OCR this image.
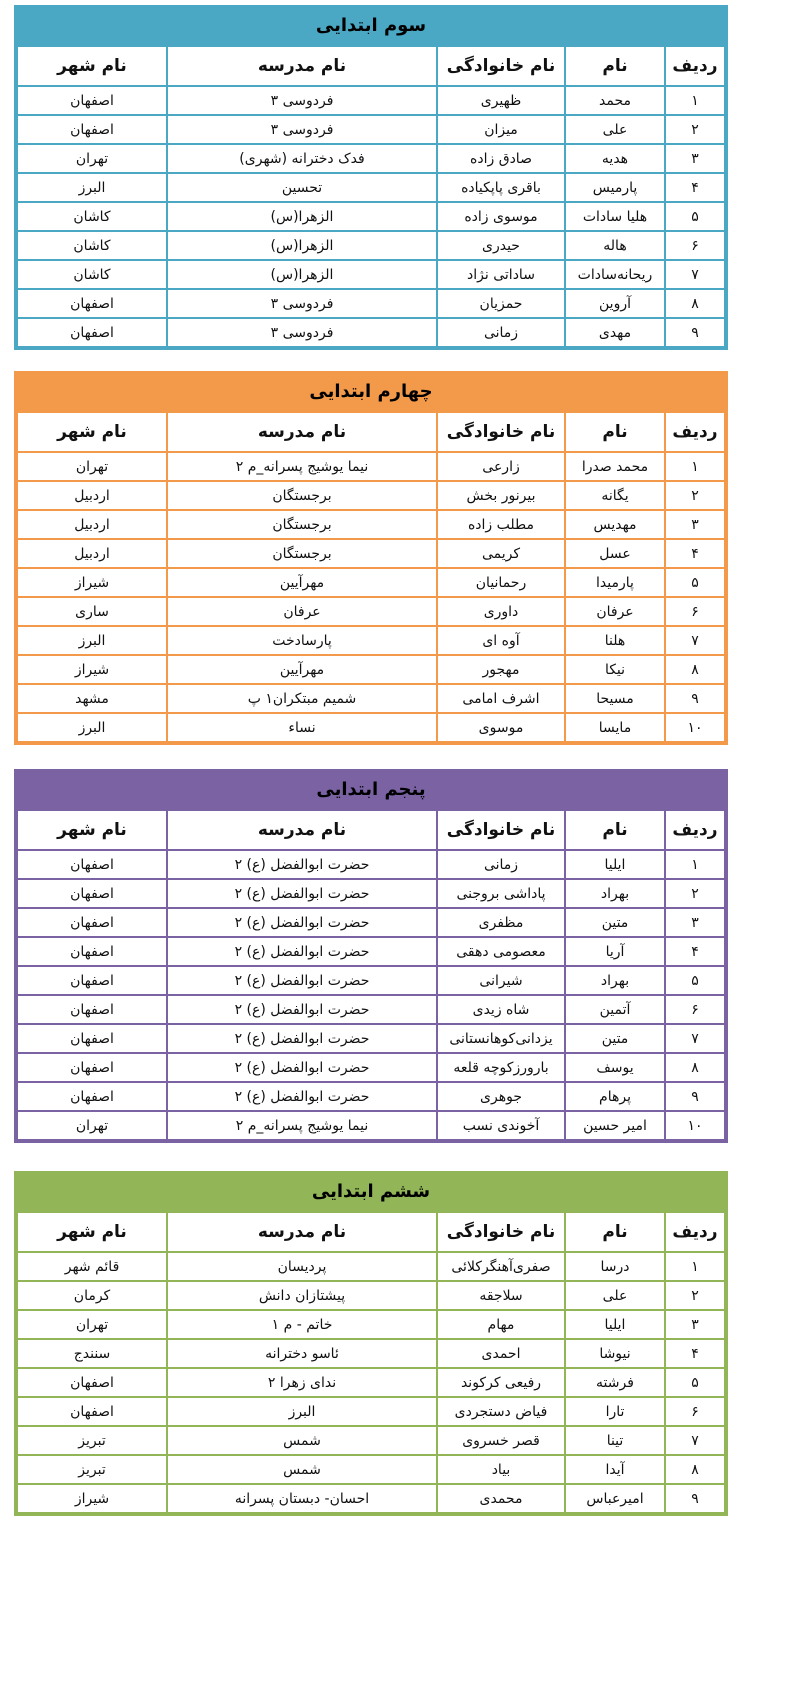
سوم ابتدایی
ردیف	نام	نام خانوادگی	نام مدرسه	نام شهر
۱	محمد	ظهیری	فردوسی ۳	اصفهان
۲	علی	میزان	فردوسی ۳	اصفهان
۳	هدیه	صادق زاده	فدک دخترانه (شهری)	تهران
۴	پارمیس	باقری پاپکیاده	تحسین	البرز
۵	هلیا سادات	موسوی زاده	الزهرا(س)	کاشان
۶	هاله	حیدری	الزهرا(س)	کاشان
۷	ریحانه‌سادات	ساداتی نژاد	الزهرا(س)	کاشان
۸	آروین	حمزیان	فردوسی ۳	اصفهان
۹	مهدی	زمانی	فردوسی ۳	اصفهان
چهارم ابتدایی
ردیف	نام	نام خانوادگی	نام مدرسه	نام شهر
۱	محمد صدرا	زارعی	نیما یوشیج پسرانه_م ۲	تهران
۲	یگانه	بیرنور بخش	برجستگان	اردبیل
۳	مهدیس	مطلب زاده	برجستگان	اردبیل
۴	عسل	کریمی	برجستگان	اردبیل
۵	پارمیدا	رحمانیان	مهرآیین	شیراز
۶	عرفان	داوری	عرفان	ساری
۷	هلنا	آوه ای	پارسادخت	البرز
۸	نیکا	مهجور	مهرآیین	شیراز
۹	مسیحا	اشرف امامی	شمیم مبتکران۱ پ	مشهد
۱۰	مایسا	موسوی	نساء	البرز
پنجم ابتدایی
ردیف	نام	نام خانوادگی	نام مدرسه	نام شهر
۱	ایلیا	زمانی	حضرت ابوالفضل (ع) ۲	اصفهان
۲	بهراد	پاداشی بروجنی	حضرت ابوالفضل (ع) ۲	اصفهان
۳	متین	مظفری	حضرت ابوالفضل (ع) ۲	اصفهان
۴	آریا	معصومی دهقی	حضرت ابوالفضل (ع) ۲	اصفهان
۵	بهراد	شیرانی	حضرت ابوالفضل (ع) ۲	اصفهان
۶	آتمین	شاه زیدی	حضرت ابوالفضل (ع) ۲	اصفهان
۷	متین	یزدانی‌کوهانستانی	حضرت ابوالفضل (ع) ۲	اصفهان
۸	یوسف	بارورزکوچه قلعه	حضرت ابوالفضل (ع) ۲	اصفهان
۹	پرهام	جوهری	حضرت ابوالفضل (ع) ۲	اصفهان
۱۰	امیر حسین	آخوندی نسب	نیما یوشیج پسرانه_م ۲	تهران
ششم ابتدایی
ردیف	نام	نام خانوادگی	نام مدرسه	نام شهر
۱	درسا	صفری‌آهنگرکلائی	پردیسان	قائم شهر
۲	علی	سلاجقه	پیشتازان دانش	کرمان
۳	ایلیا	مهام	خاتم - م ۱	تهران
۴	نیوشا	احمدی	ئاسو دخترانه	سنندج
۵	فرشته	رفیعی کرکوند	ندای زهرا ۲	اصفهان
۶	تارا	فیاض دستجردی	البرز	اصفهان
۷	تینا	قصر خسروی	شمس	تبریز
۸	آیدا	بیاد	شمس	تبریز
۹	امیرعباس	محمدی	احسان- دبستان پسرانه	شیراز
